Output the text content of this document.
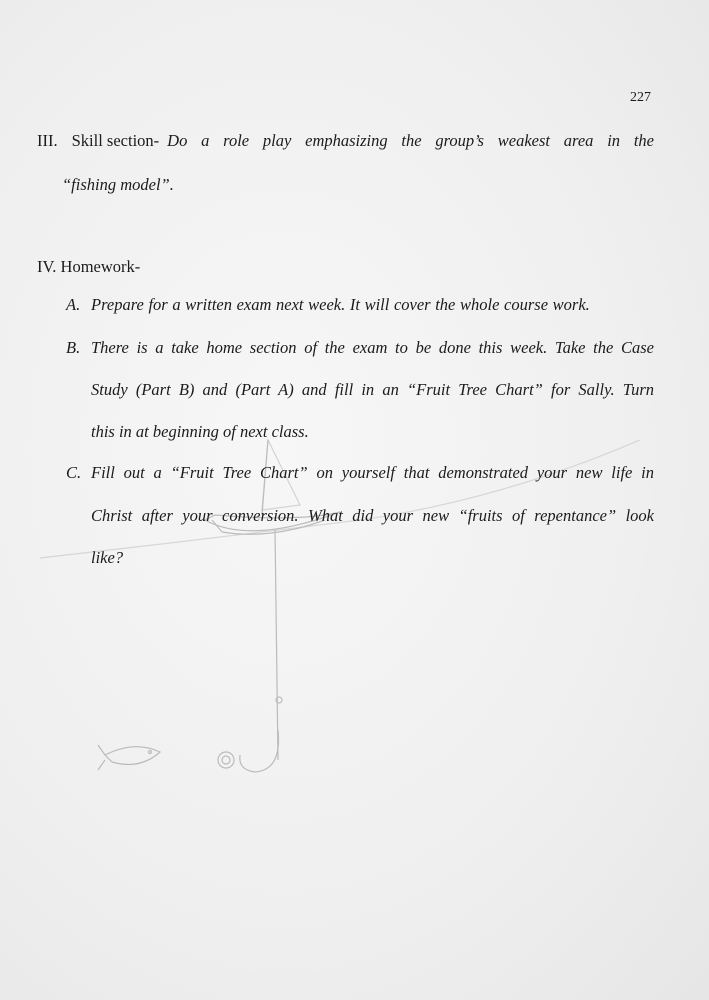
227
III. Skill section- Do a role play emphasizing the group’s weakest area in the
“fishing model”.
IV. Homework-
A. Prepare for a written exam next week. It will cover the whole course work.
B. There is a take home section of the exam to be done this week. Take the Case
Study (Part B) and (Part A) and fill in an “Fruit Tree Chart” for Sally. Turn
this in at beginning of next class.
C. Fill out a “Fruit Tree Chart” on yourself that demonstrated your new life in
Christ after your conversion. What did your new “fruits of repentance” look
like?
